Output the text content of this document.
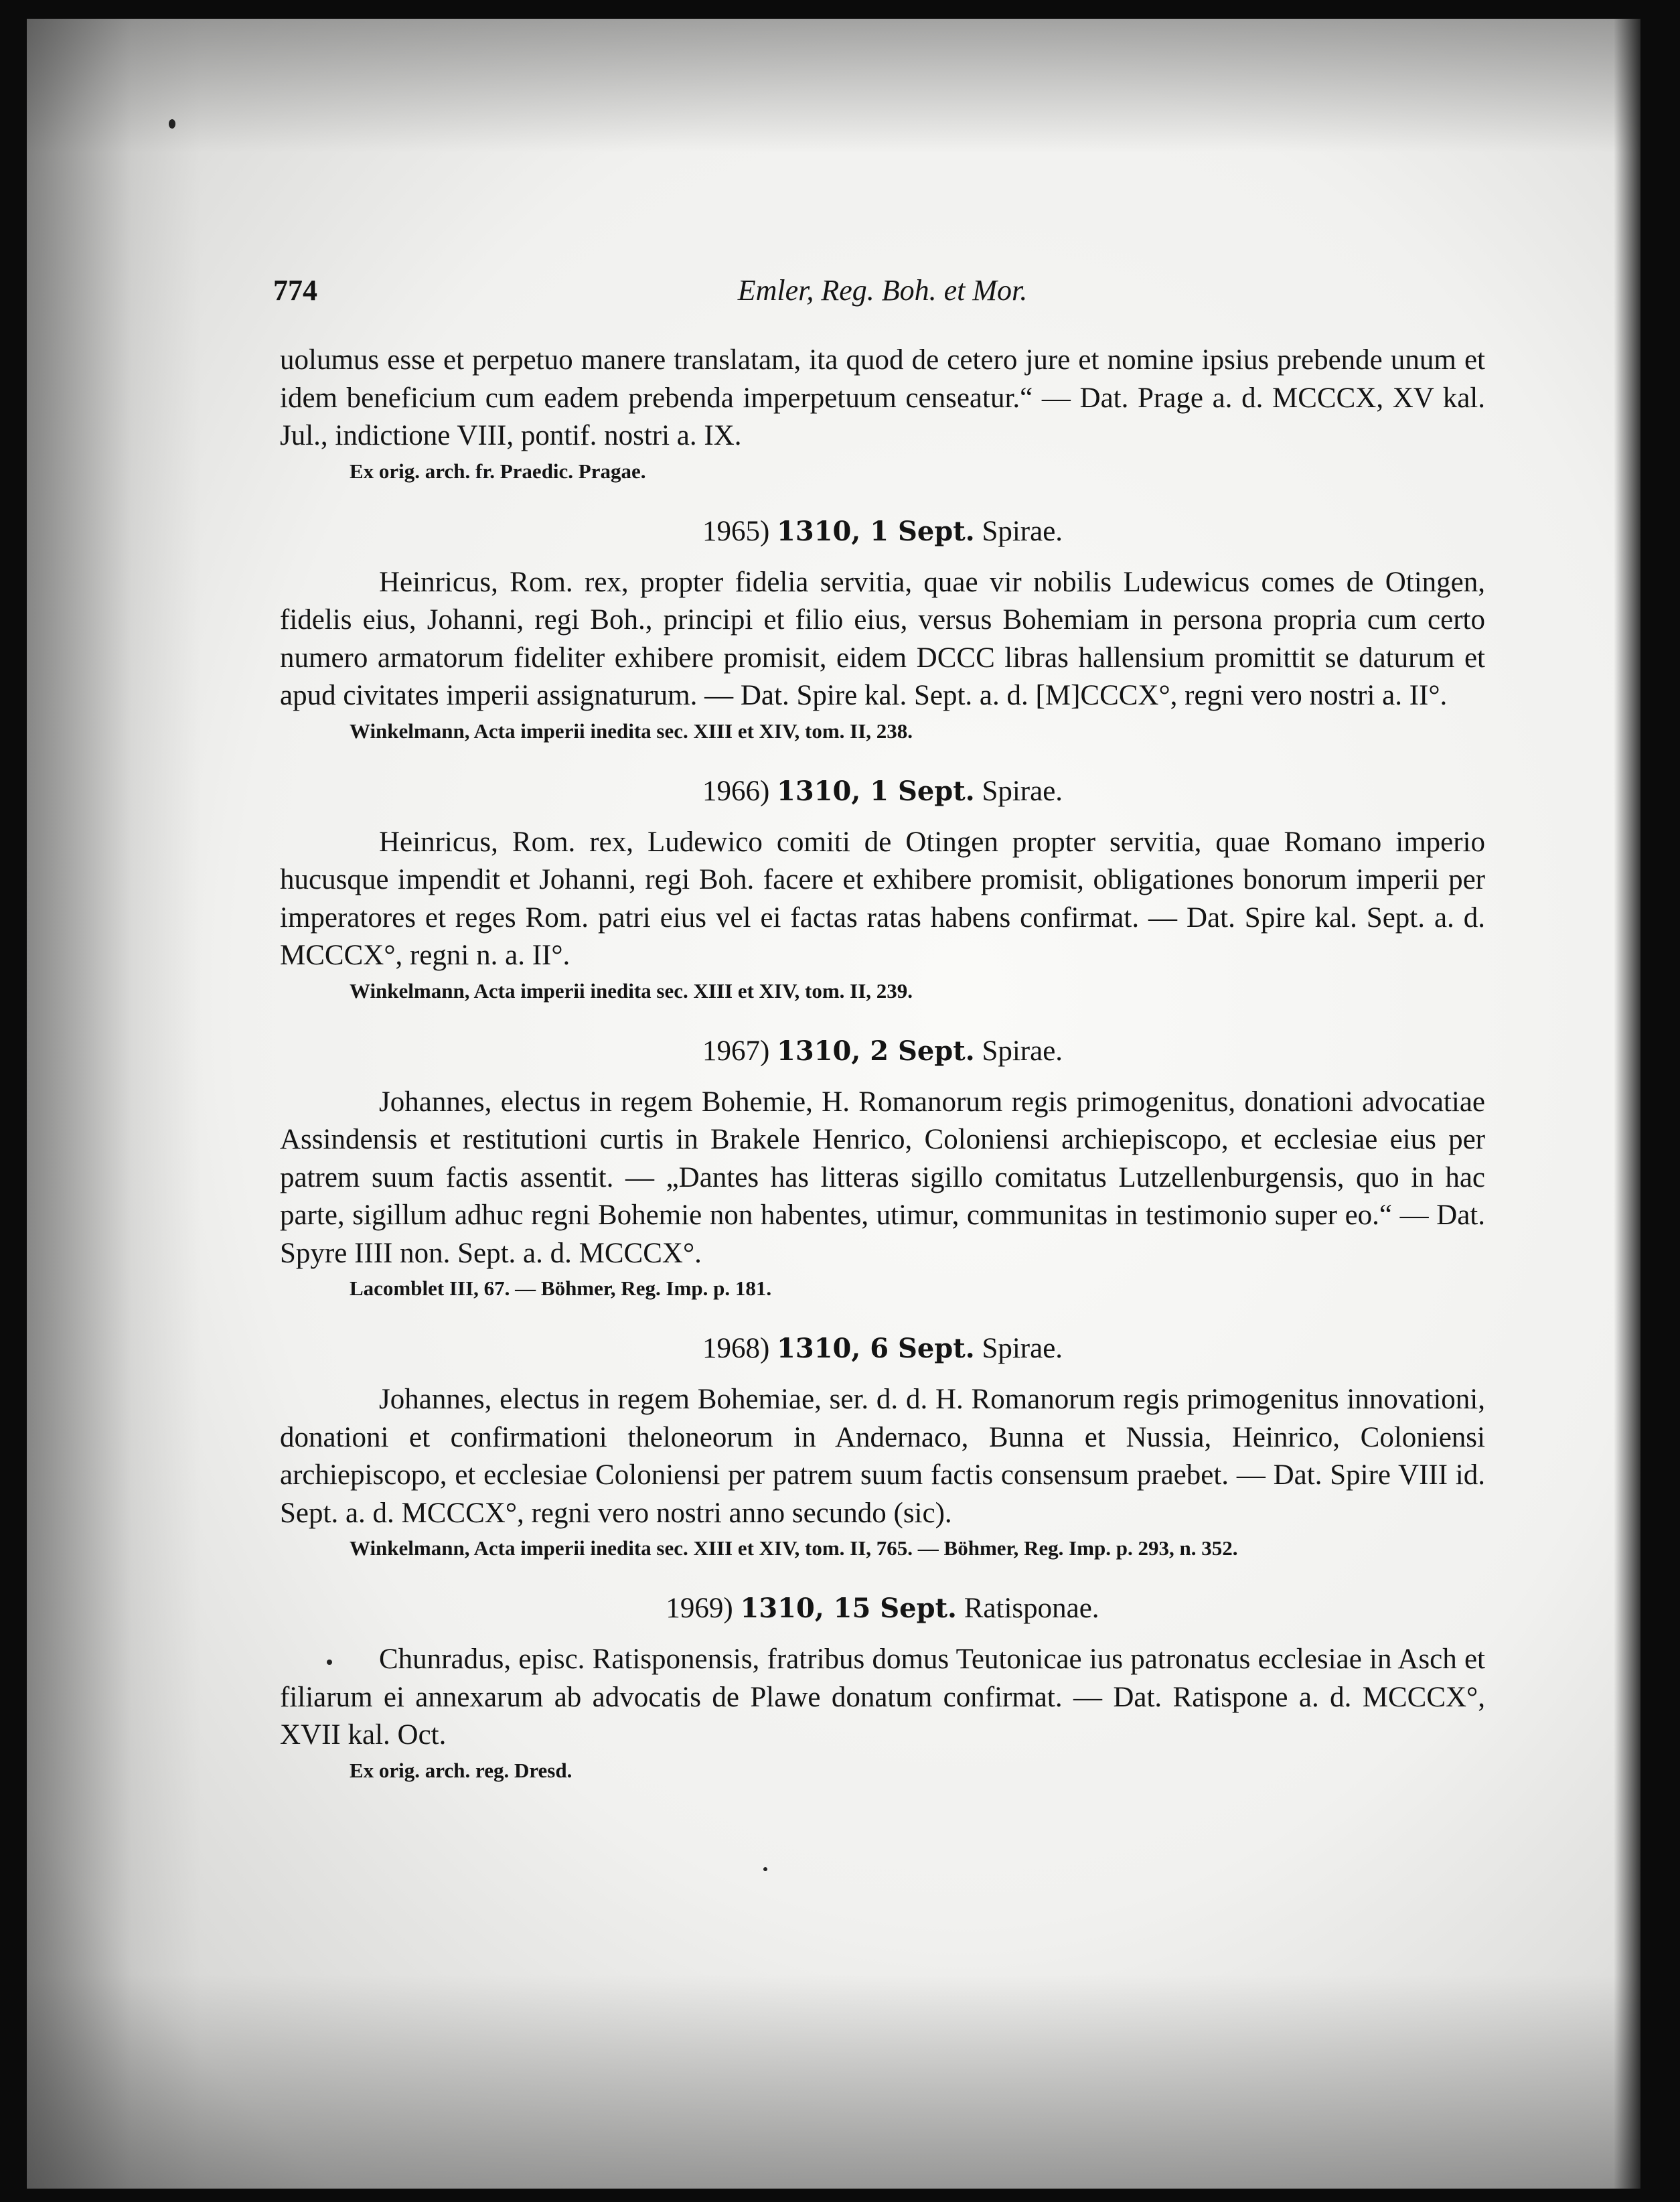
774	Emler, Reg. Boh. et Mor.

uolumus esse et perpetuo manere translatam, ita quod de cetero jure et nomine ipsius prebende unum et idem beneficium cum eadem prebenda imperpetuum censeatur.“ — Dat. Prage a. d. MCCCX, XV kal. Jul., indictione VIII, pontif. nostri a. IX.

Ex orig. arch. fr. Praedic. Pragae.

1965) 1310, 1 Sept. Spirae.

Heinricus, Rom. rex, propter fidelia servitia, quae vir nobilis Ludewicus comes de Otingen, fidelis eius, Johanni, regi Boh., principi et filio eius, versus Bohemiam in persona propria cum certo numero armatorum fideliter exhibere promisit, eidem DCCC libras hallensium promittit se daturum et apud civitates imperii assignaturum. — Dat. Spire kal. Sept. a. d. [M]CCCX°, regni vero nostri a. II°.

Winkelmann, Acta imperii inedita sec. XIII et XIV, tom. II, 238.

1966) 1310, 1 Sept. Spirae.

Heinricus, Rom. rex, Ludewico comiti de Otingen propter servitia, quae Romano imperio hucusque impendit et Johanni, regi Boh. facere et exhibere promisit, obligationes bonorum imperii per imperatores et reges Rom. patri eius vel ei factas ratas habens confirmat. — Dat. Spire kal. Sept. a. d. MCCCX°, regni n. a. II°.

Winkelmann, Acta imperii inedita sec. XIII et XIV, tom. II, 239.

1967) 1310, 2 Sept. Spirae.

Johannes, electus in regem Bohemie, H. Romanorum regis primogenitus, donationi advocatiae Assindensis et restitutioni curtis in Brakele Henrico, Coloniensi archiepiscopo, et ecclesiae eius per patrem suum factis assentit. — „Dantes has litteras sigillo comitatus Lutzellenburgensis, quo in hac parte, sigillum adhuc regni Bohemie non habentes, utimur, communitas in testimonio super eo.“ — Dat. Spyre IIII non. Sept. a. d. MCCCX°.

Lacomblet III, 67. — Böhmer, Reg. Imp. p. 181.

1968) 1310, 6 Sept. Spirae.

Johannes, electus in regem Bohemiae, ser. d. d. H. Romanorum regis primogenitus innovationi, donationi et confirmationi theloneorum in Andernaco, Bunna et Nussia, Heinrico, Coloniensi archiepiscopo, et ecclesiae Coloniensi per patrem suum factis consensum praebet. — Dat. Spire VIII id. Sept. a. d. MCCCX°, regni vero nostri anno secundo (sic).

Winkelmann, Acta imperii inedita sec. XIII et XIV, tom. II, 765. — Böhmer, Reg. Imp. p. 293, n. 352.

1969) 1310, 15 Sept. Ratisponae.

Chunradus, episc. Ratisponensis, fratribus domus Teutonicae ius patronatus ecclesiae in Asch et filiarum ei annexarum ab advocatis de Plawe donatum confirmat. — Dat. Ratispone a. d. MCCCX°, XVII kal. Oct.

Ex orig. arch. reg. Dresd.
